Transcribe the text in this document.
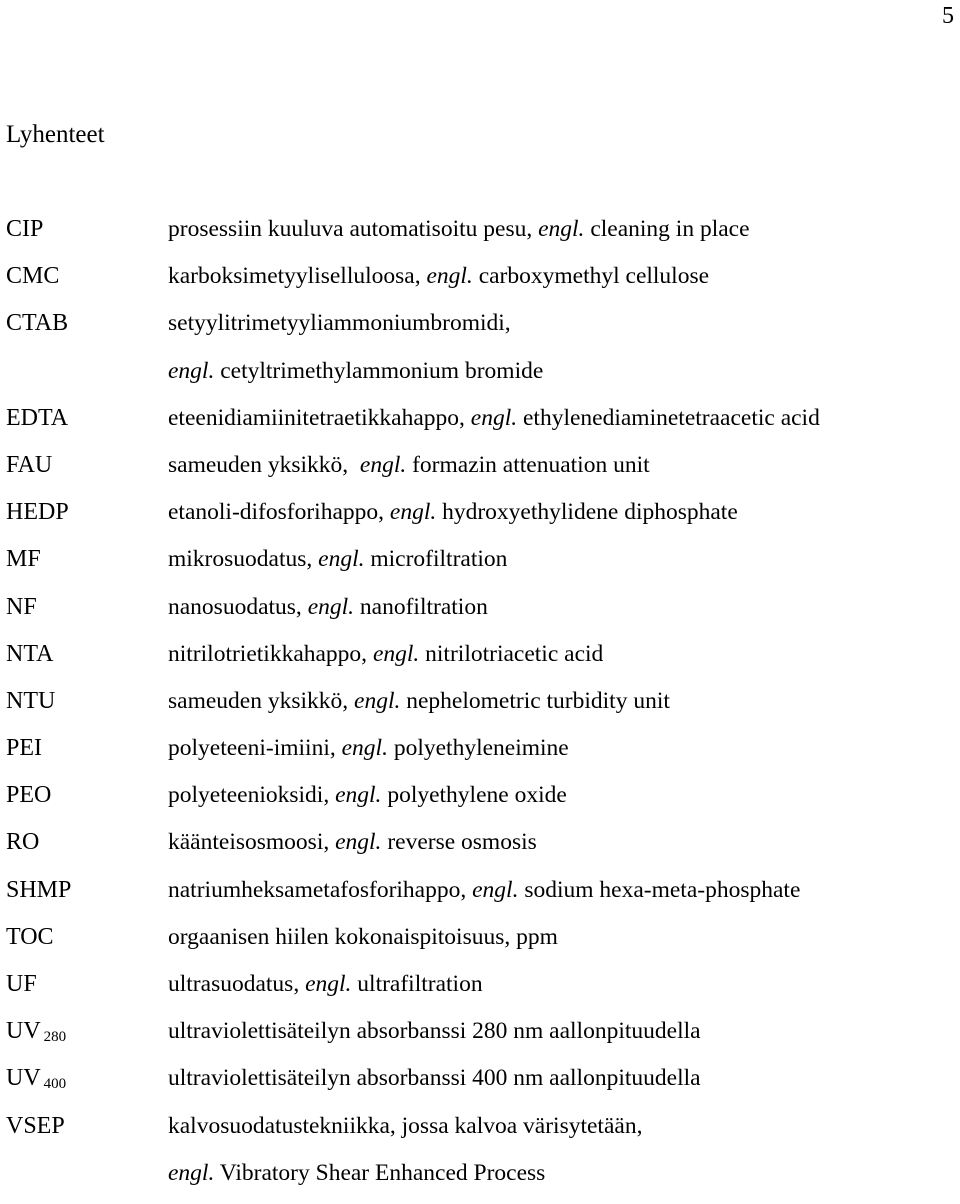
5
Lyhenteet
CIP	prosessiin kuuluva automatisoitu pesu, engl. cleaning in place
CMC	karboksimetyyliselluloosa, engl. carboxymethyl cellulose
CTAB	setyylitrimetyyliammoniumbromidi,
engl. cetyltrimethylammonium bromide
EDTA	eteenidiamiinitetraetikkahappo, engl. ethylenediaminetetraacetic acid
FAU	sameuden yksikkö,  engl. formazin attenuation unit
HEDP	etanoli-difosforihappo, engl. hydroxyethylidene diphosphate
MF	mikrosuodatus, engl. microfiltration
NF	nanosuodatus, engl. nanofiltration
NTA	nitrilotrietikkahappo, engl. nitrilotriacetic acid
NTU	sameuden yksikkö, engl. nephelometric turbidity unit
PEI	polyeteeni-imiini, engl. polyethyleneimine
PEO	polyeteenioksidi, engl. polyethylene oxide
RO	käänteisosmoosi, engl. reverse osmosis
SHMP	natriumheksametafosforihappo, engl. sodium hexa-meta-phosphate
TOC	orgaanisen hiilen kokonaispitoisuus, ppm
UF	ultrasuodatus, engl. ultrafiltration
UV $_{280}$	ultraviolettisäteilyn absorbanssi 280 nm aallonpituudella
UV $_{400}$	ultraviolettisäteilyn absorbanssi 400 nm aallonpituudella
VSEP	kalvosuodatustekniikka, jossa kalvoa värisytetään,
engl. Vibratory Shear Enhanced Process
